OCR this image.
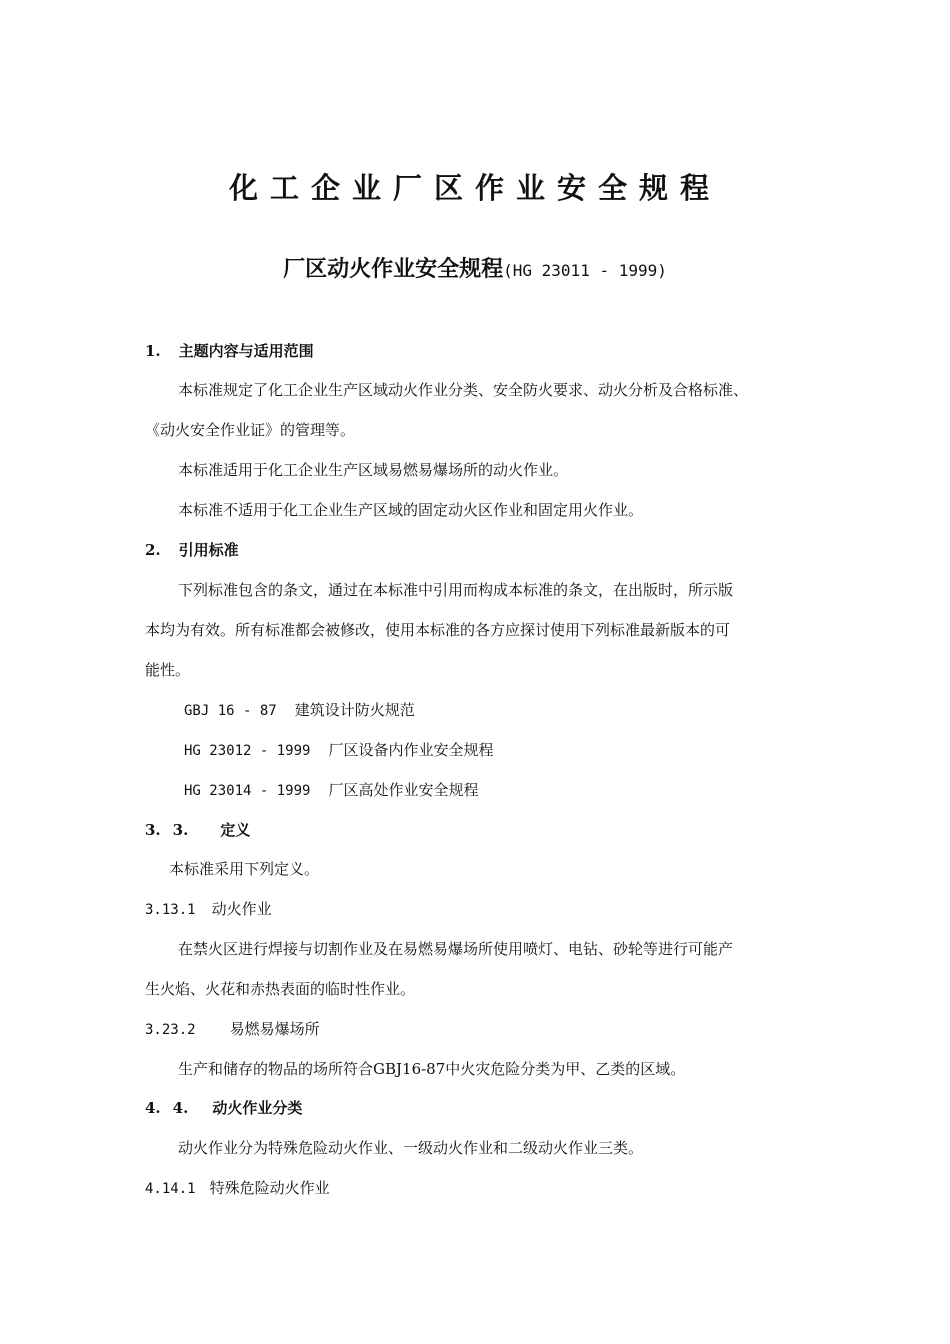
化工企业厂区作业安全规程
厂区动火作业安全规程(HG 23011 - 1999)
1. 主题内容与适用范围
本标准规定了化工企业生产区域动火作业分类、安全防火要求、动火分析及合格标准、
《动火安全作业证》的管理等。
本标准适用于化工企业生产区域易燃易爆场所的动火作业。
本标准不适用于化工企业生产区域的固定动火区作业和固定用火作业。
2. 引用标准
下列标准包含的条文，通过在本标准中引用而构成本标准的条文，在出版时，所示版
本均为有效。所有标准都会被修改，使用本标准的各方应探讨使用下列标准最新版本的可
能性。
GBJ 16 - 87 建筑设计防火规范
HG 23012 - 1999 厂区设备内作业安全规程
HG 23014 - 1999 厂区高处作业安全规程
3. 3. 定义
本标准采用下列定义。
3.13.1 动火作业
在禁火区进行焊接与切割作业及在易燃易爆场所使用喷灯、电钻、砂轮等进行可能产
生火焰、火花和赤热表面的临时性作业。
3.23.2 易燃易爆场所
生产和储存的物品的场所符合GBJ16-87中火灾危险分类为甲、乙类的区域。
4. 4. 动火作业分类
动火作业分为特殊危险动火作业、一级动火作业和二级动火作业三类。
4.14.1 特殊危险动火作业
